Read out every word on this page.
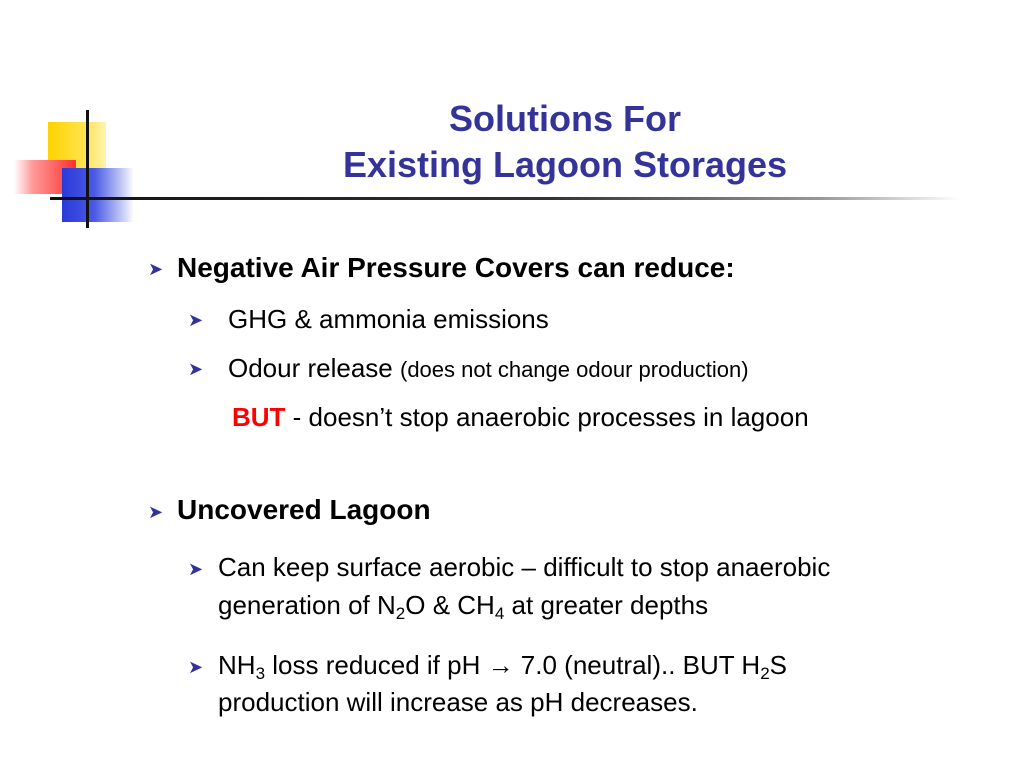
Solutions For
Existing Lagoon Storages
➤ Negative Air Pressure Covers can reduce:
➤ GHG & ammonia emissions
➤ Odour release (does not change odour production)
BUT - doesn’t stop anaerobic processes in lagoon
➤ Uncovered Lagoon
➤ Can keep surface aerobic – difficult to stop anaerobic
generation of $N_2O$ & $CH_4$ at greater depths
➤ $NH_3$ loss reduced if pH → 7.0 (neutral).. BUT $H_2S$
production will increase as pH decreases.
